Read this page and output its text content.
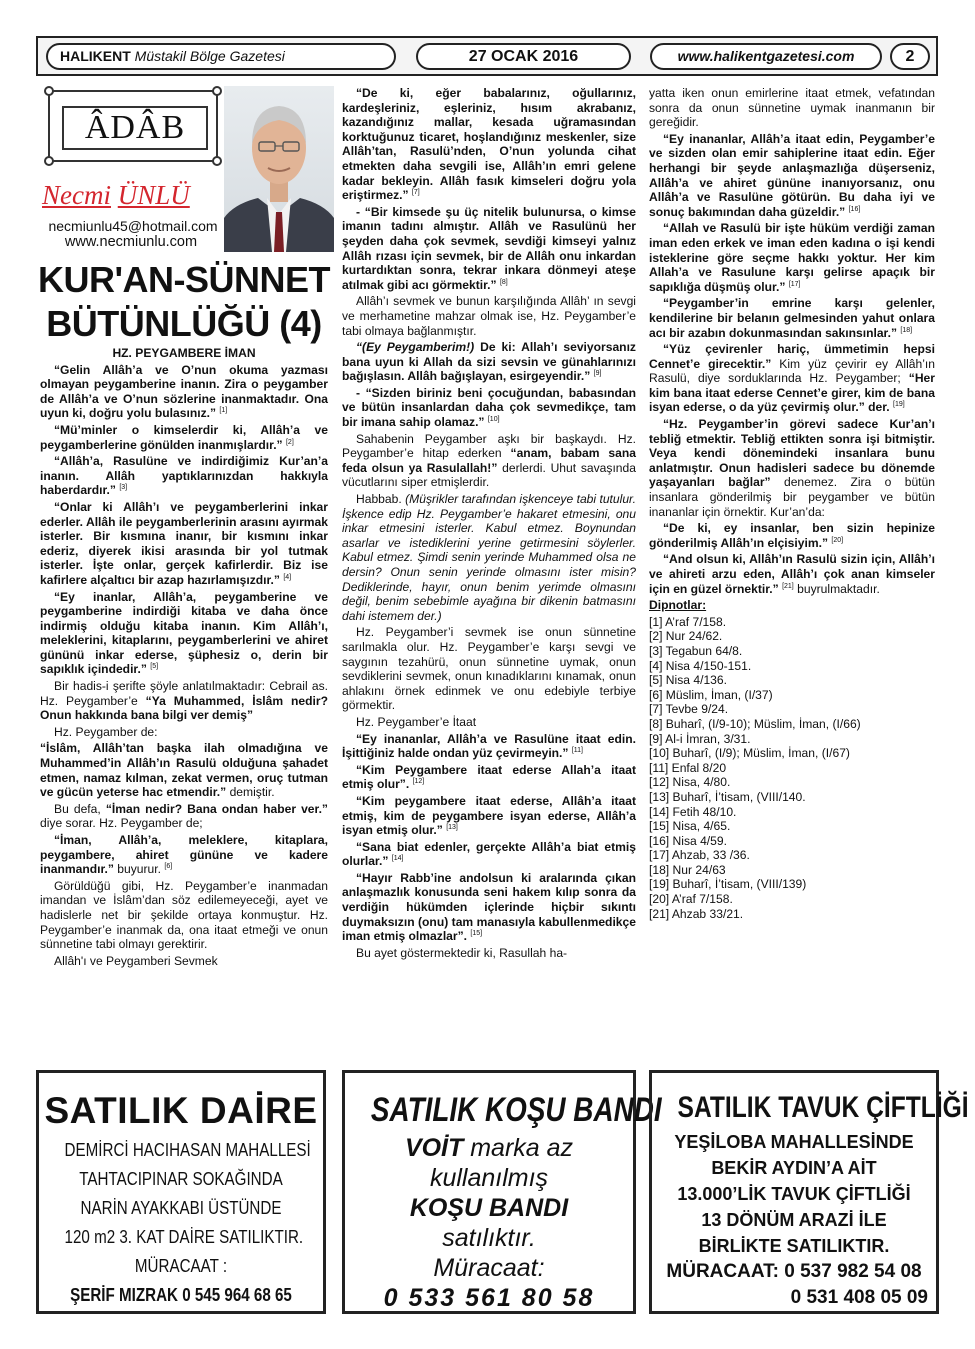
HALIKENT Müstakil Bölge Gazetesi	27 OCAK 2016	www.halikentgazetesi.com	2
ÂDÂB
Necmi ÜNLÜ
necmiunlu45@hotmail.com
www.necmiunlu.com
KUR'AN-SÜNNET
BÜTÜNLÜĞÜ (4)

HZ. PEYGAMBERE İMAN

“Gelin Allâh’a ve O’nun okuma yazması olmayan peygamberine inanın. Zira o peygamber de Allâh’a ve O’nun sözlerine inanmaktadır. Ona uyun ki, doğru yolu bulasınız.” [1]

“Mü’minler o kimselerdir ki, Allâh’a ve peygamberlerine gönülden inanmışlardır.” [2]

“Allâh’a, Rasulüne ve indirdiğimiz Kur’an’a inanın. Allâh yaptıklarınızdan hakkıyla haberdardır.” [3]

“Onlar ki Allâh’ı ve peygamberlerini inkar ederler. Allâh ile peygamberlerinin arasını ayırmak isterler. Bir kısmına inanır, bir kısmını inkar ederiz, diyerek ikisi arasında bir yol tutmak isterler. İşte onlar, gerçek kafirlerdir. Biz ise kafirlere alçaltıcı bir azap hazırlamışızdır.” [4]

“Ey inanlar, Allâh’a, peygamberine ve peygamberine indirdiği kitaba ve daha önce indirmiş olduğu kitaba inanın. Kim Allâh’ı, meleklerini, kitaplarını, peygamberlerini ve ahiret gününü inkar ederse, şüphesiz o, derin bir sapıklık içindedir.” [5]

Bir hadis-i şerifte şöyle anlatılmaktadır: Cebrail as. Hz. Peygamber’e “Ya Muhammed, İslâm nedir? Onun hakkında bana bilgi ver demiş”

Hz. Peygamber de:

“İslâm, Allâh’tan başka ilah olmadığına ve Muhammed’in Allâh’ın Rasulü olduğuna şahadet etmen, namaz kılman, zekat vermen, oruç tutman ve gücün yeterse hac etmendir.” demiştir.

Bu defa, “İman nedir? Bana ondan haber ver.” diye sorar. Hz. Peygamber de;

“İman, Allâh’a, meleklere, kitaplara, peygambere, ahiret gününe ve kadere inanmandır.” buyurur. [6]

Görüldüğü gibi, Hz. Peygamber’e inanmadan imandan ve İslâm’dan söz edilemeyeceği, ayet ve hadislerle net bir şekilde ortaya konmuştur. Hz. Peygamber’e inanmak da, ona itaat etmeği ve onun sünnetine tabi olmayı gerektirir.

Allâh'ı ve Peygamberi Sevmek

“De ki, eğer babalarınız, oğullarınız, kardeşleriniz, eşleriniz, hısım akrabanız, kazandığınız mallar, kesada uğramasından korktuğunuz ticaret, hoşlandığınız meskenler, size Allâh’tan, Rasulü’nden, O’nun yolunda cihat etmekten daha sevgili ise, Allâh’ın emri gelene kadar bekleyin. Allâh fasık kimseleri doğru yola eriştirmez.” [7]

- “Bir kimsede şu üç nitelik bulunursa, o kimse imanın tadını almıştır. Allâh ve Rasulünü her şeyden daha çok sevmek, sevdiği kimseyi yalnız Allâh rızası için sevmek, bir de Allâh onu inkardan kurtardıktan sonra, tekrar inkara dönmeyi ateşe atılmak gibi acı görmektir.” [8]

Allâh’ı sevmek ve bunun karşılığında Allâh’ ın sevgi ve merhametine mahzar olmak ise, Hz. Peygamber’e tabi olmaya bağlanmıştır.

“(Ey Peygamberim!) De ki: Allah’ı seviyorsanız bana uyun ki Allah da sizi sevsin ve günahlarınızı bağışlasın. Allâh bağışlayan, esirgeyendir.” [9]

- “Sizden biriniz beni çocuğundan, babasından ve bütün insanlardan daha çok sevmedikçe, tam bir imana sahip olamaz.” [10]

Sahabenin Peygamber aşkı bir başkaydı. Hz. Peygamber’e hitap ederken “anam, babam sana feda olsun ya Rasulallah!” derlerdi. Uhut savaşında vücutlarını siper etmişlerdir.

Habbab. (Müşrikler tarafından işkenceye tabi tutulur. İşkence edip Hz. Peygamber’e hakaret etmesini, onu inkar etmesini isterler. Kabul etmez. Boynundan asarlar ve istediklerini yerine getirmesini söylerler. Kabul etmez. Şimdi senin yerinde Muhammed olsa ne dersin? Onun senin yerinde olmasını ister misin? Dediklerinde, hayır, onun benim yerimde olmasını değil, benim sebebimle ayağına bir dikenin batmasını dahi istemem der.)

Hz. Peygamber’i sevmek ise onun sünnetine sarılmakla olur. Hz. Peygamber’e karşı sevgi ve saygının tezahürü, onun sünnetine uymak, onun sevdiklerini sevmek, onun kınadıklarını kınamak, onun ahlakını örnek edinmek ve onu edebiyle terbiye görmektir.

Hz. Peygamber’e İtaat

“Ey inananlar, Allâh’a ve Rasulüne itaat edin. İşittiğiniz halde ondan yüz çevirmeyin.” [11]

“Kim Peygambere itaat ederse Allah’a itaat etmiş olur”. [12]

“Kim peygambere itaat ederse, Allâh’a itaat etmiş, kim de peygambere isyan ederse, Allâh’a isyan etmiş olur.” [13]

“Sana biat edenler, gerçekte Allâh’a biat etmiş olurlar.” [14]

“Hayır Rabb’ine andolsun ki aralarında çıkan anlaşmazlık konusunda seni hakem kılıp sonra da verdiğin hükümden içlerinde hiçbir sıkıntı duymaksızın (onu) tam manasıyla kabullenmedikçe iman etmiş olmazlar”. [15]

Bu ayet göstermektedir ki, Rasullah ha-

yatta iken onun emirlerine itaat etmek, vefatından sonra da onun sünnetine uymak inanmanın bir gereğidir.

“Ey inananlar, Allâh’a itaat edin, Peygamber’e ve sizden olan emir sahiplerine itaat edin. Eğer herhangi bir şeyde anlaşmazlığa düşerseniz, Allâh’a ve ahiret gününe inanıyorsanız, onu Allâh’a ve Rasulüne götürün. Bu daha iyi ve sonuç bakımından daha güzeldir.” [16]

“Allah ve Rasulü bir işte hüküm verdiği zaman iman eden erkek ve iman eden kadına o işi kendi isteklerine göre seçme hakkı yoktur. Her kim Allah’a ve Rasulune karşı gelirse apaçık bir sapıklığa düşmüş olur.” [17]

“Peygamber’in emrine karşı gelenler, kendilerine bir belanın gelmesinden yahut onlara acı bir azabın dokunmasından sakınsınlar.” [18]

“Yüz çevirenler hariç, ümmetimin hepsi Cennet’e girecektir.” Kim yüz çevirir ey Allâh’ın Rasulü, diye sorduklarında Hz. Peygamber; “Her kim bana itaat ederse Cennet’e girer, kim de bana isyan ederse, o da yüz çevirmiş olur.” der. [19]

“Hz. Peygamber’in görevi sadece Kur’an’ı tebliğ etmektir. Tebliğ ettikten sonra işi bitmiştir. Veya kendi dönemindeki insanlara bunu anlatmıştır. Onun hadisleri sadece bu dönemde yaşayanları bağlar” denemez. Zira o bütün insanlara gönderilmiş bir peygamber ve bütün inananlar için örnektir. Kur’an’da:

“De ki, ey insanlar, ben sizin hepinize gönderilmiş Allâh’ın elçisiyim.” [20]

“And olsun ki, Allâh’ın Rasulü sizin için, Allâh’ı ve ahireti arzu eden, Allâh’ı çok anan kimseler için en güzel örnektir.” [21] buyrulmaktadır.

Dipnotlar:

[1] A’raf 7/158.
[2] Nur 24/62.
[3] Tegabun 64/8.
[4] Nisa 4/150-151.
[5] Nisa 4/136.
[6] Müslim, İman, (I/37)
[7] Tevbe 9/24.
[8] Buharî, (I/9-10); Müslim, İman, (I/66)
[9] Al-i İmran, 3/31.
[10] Buharî, (I/9); Müslim, İman, (I/67)
[11] Enfal 8/20
[12] Nisa, 4/80.
[13] Buharî, İ’tisam, (VIII/140.
[14] Fetih 48/10.
[15] Nisa, 4/65.
[16] Nisa 4/59.
[17] Ahzab, 33 /36.
[18] Nur 24/63
[19] Buharî, İ’tisam, (VIII/139)
[20] A’raf 7/158.
[21] Ahzab 33/21.
SATILIK DAİRE
DEMİRCİ HACIHASAN MAHALLESİ
TAHTACIPINAR SOKAĞINDA
NARİN AYAKKABI ÜSTÜNDE
120 m2 3. KAT DAİRE SATILIKTIR.
MÜRACAAT :
ŞERİF MIZRAK 0 545 964 68 65
SATILIK KOŞU BANDI
VOİT marka az
kullanılmış
KOŞU BANDI
satılıktır.
Müracaat:
0 533 561 80 58
SATILIK TAVUK ÇİFTLİĞİ
YEŞİLOBA MAHALLESİNDE
BEKİR AYDIN’A AİT
13.000’LİK TAVUK ÇİFTLİĞİ
13 DÖNÜM ARAZİ İLE
BİRLİKTE SATILIKTIR.
MÜRACAAT: 0 537 982 54 08
0 531 408 05 09
